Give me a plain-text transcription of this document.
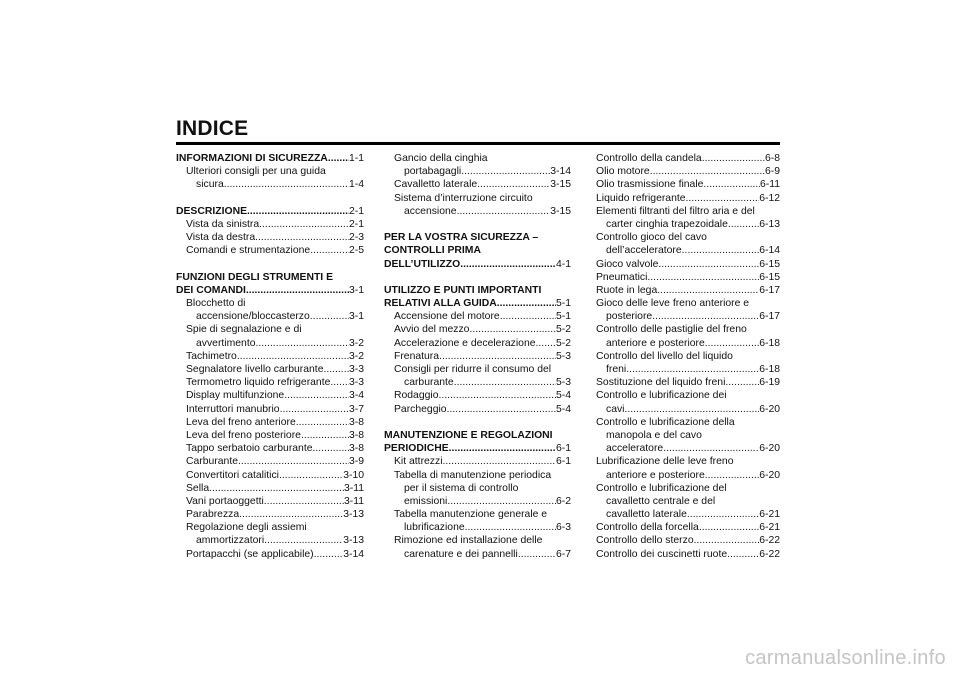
INDICE
INFORMAZIONI DI SICUREZZA ..... 1-1
Ulteriori consigli per una guida
sicura .....	1-4
DESCRIZIONE .....	2-1
Vista da sinistra .....	2-1
Vista da destra .....	2-3
Comandi e strumentazione .....	2-5
FUNZIONI DEGLI STRUMENTI E
DEI COMANDI .....	3-1
Blocchetto di
accensione/bloccasterzo .....	3-1
Spie di segnalazione e di
avvertimento .....	3-2
Tachimetro .....	3-2
Segnalatore livello carburante ..... 3-3
Termometro liquido refrigerante ..... 3-3
Display multifunzione .....	3-4
Interruttori manubrio .....	3-7
Leva del freno anteriore .....	3-8
Leva del freno posteriore .....	3-8
Tappo serbatoio carburante .....	3-8
Carburante .....	3-9
Convertitori catalitici .....	3-10
Sella .....	3-11
Vani portaoggetti .....	3-11
Parabrezza .....	3-13
Regolazione degli assiemi
ammortizzatori .....	3-13
Portapacchi (se applicabile) .....	3-14
Gancio della cinghia
portabagagli .....	3-14
Cavalletto laterale .....	3-15
Sistema d’interruzione circuito
accensione .....	3-15
PER LA VOSTRA SICUREZZA –
CONTROLLI PRIMA
DELL’UTILIZZO .....	4-1
UTILIZZO E PUNTI IMPORTANTI
RELATIVI ALLA GUIDA .....	5-1
Accensione del motore .....	5-1
Avvio del mezzo .....	5-2
Accelerazione e decelerazione ..... 5-2
Frenatura .....	5-3
Consigli per ridurre il consumo del
carburante .....	5-3
Rodaggio .....	5-4
Parcheggio .....	5-4
MANUTENZIONE E REGOLAZIONI
PERIODICHE .....	6-1
Kit attrezzi .....	6-1
Tabella di manutenzione periodica
per il sistema di controllo
emissioni .....	6-2
Tabella manutenzione generale e
lubrificazione .....	6-3
Rimozione ed installazione delle
carenature e dei pannelli .....	6-7
Controllo della candela .....	6-8
Olio motore .....	6-9
Olio trasmissione finale .....	6-11
Liquido refrigerante .....	6-12
Elementi filtranti del filtro aria e del
carter cinghia trapezoidale .....	6-13
Controllo gioco del cavo
dell’acceleratore .....	6-14
Gioco valvole .....	6-15
Pneumatici .....	6-15
Ruote in lega .....	6-17
Gioco delle leve freno anteriore e
posteriore .....	6-17
Controllo delle pastiglie del freno
anteriore e posteriore .....	6-18
Controllo del livello del liquido
freni .....	6-18
Sostituzione del liquido freni .....	6-19
Controllo e lubrificazione dei
cavi .....	6-20
Controllo e lubrificazione della
manopola e del cavo
acceleratore .....	6-20
Lubrificazione delle leve freno
anteriore e posteriore .....	6-20
Controllo e lubrificazione del
cavalletto centrale e del
cavalletto laterale .....	6-21
Controllo della forcella .....	6-21
Controllo dello sterzo .....	6-22
Controllo dei cuscinetti ruote .....	6-22
carmanualsonline.info
